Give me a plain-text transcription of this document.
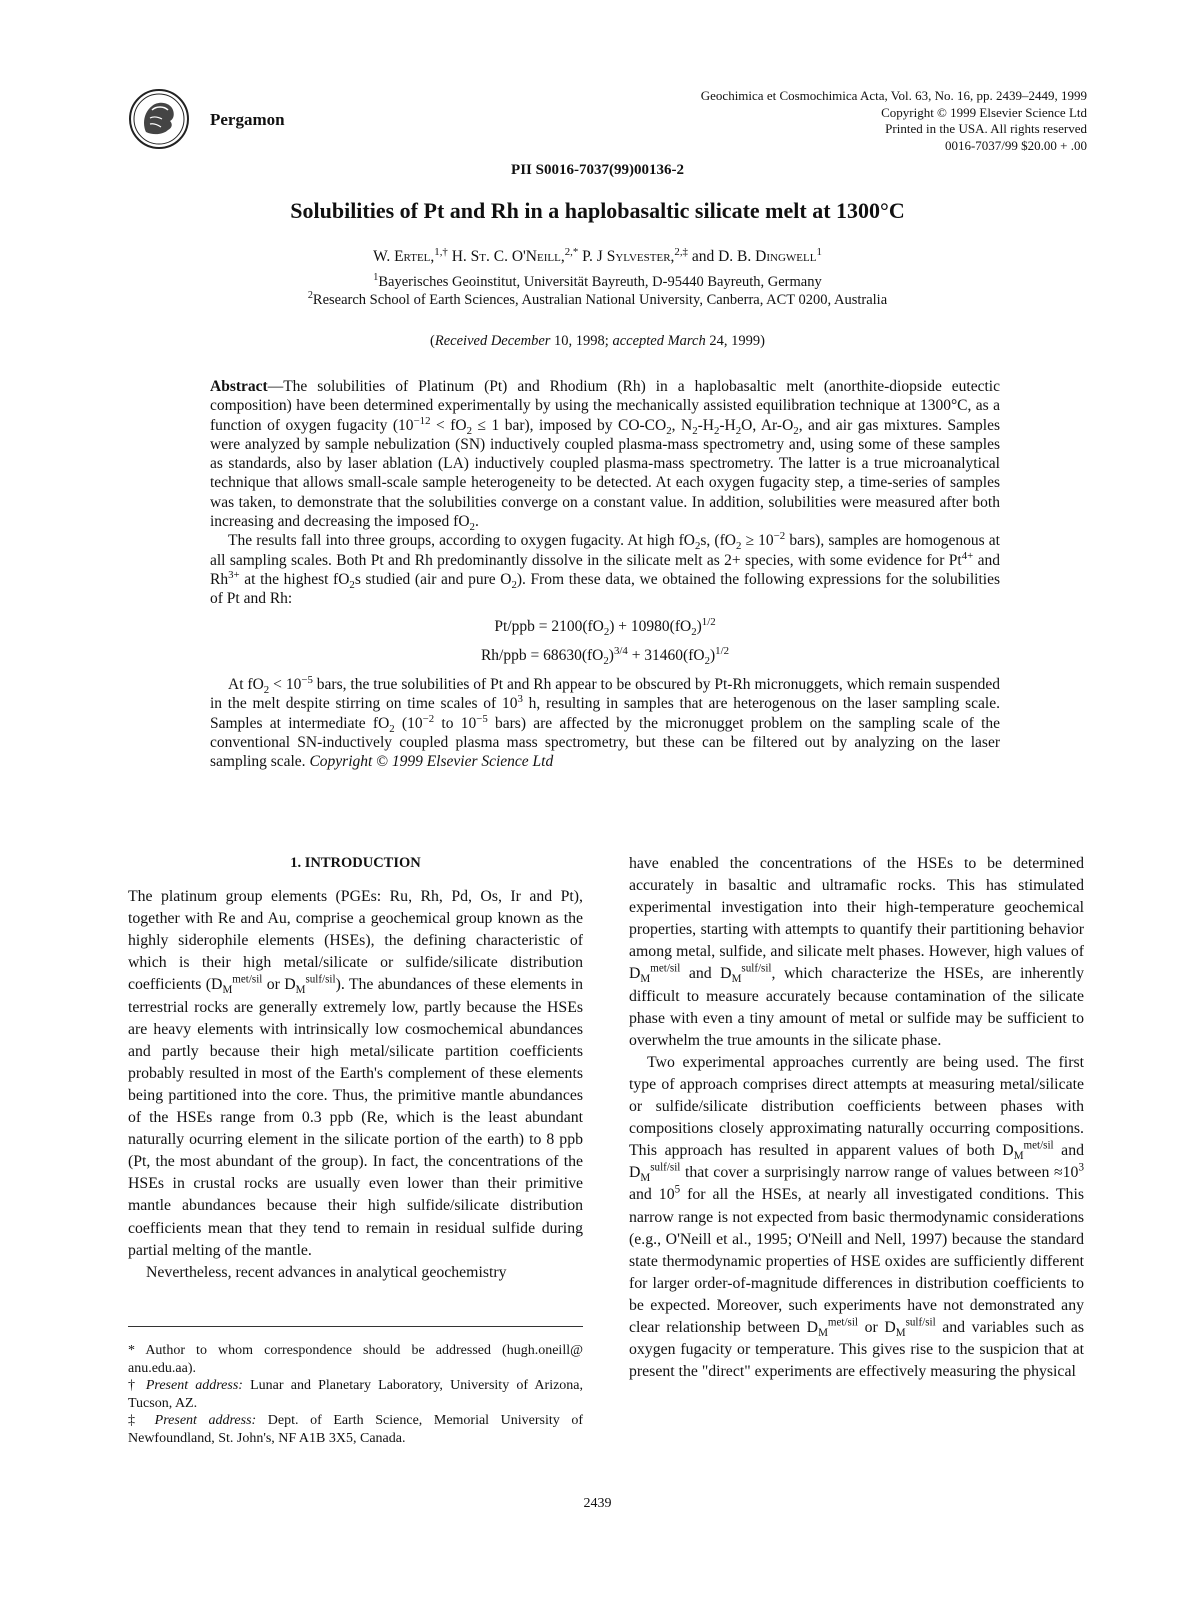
Pergamon
Geochimica et Cosmochimica Acta, Vol. 63, No. 16, pp. 2439–2449, 1999
Copyright © 1999 Elsevier Science Ltd
Printed in the USA. All rights reserved
0016-7037/99 $20.00 + .00
PII S0016-7037(99)00136-2
Solubilities of Pt and Rh in a haplobasaltic silicate melt at 1300°C
W. Ertel,$^{1,\dagger}$ H. St. C. O'Neill,$^{2,*}$ P. J Sylvester,$^{2,\ddagger}$ and D. B. Dingwell$^1$
$^1$Bayerisches Geoinstitut, Universität Bayreuth, D-95440 Bayreuth, Germany
$^2$Research School of Earth Sciences, Australian National University, Canberra, ACT 0200, Australia
(Received December 10, 1998; accepted March 24, 1999)

Abstract—The solubilities of Platinum (Pt) and Rhodium (Rh) in a haplobasaltic melt (anorthite-diopside eutectic composition) have been determined experimentally by using the mechanically assisted equilibration technique at 1300°C, as a function of oxygen fugacity ($10^{-12} < fO_2 \le 1$ bar), imposed by $CO-CO_2$, $N_2-H_2-H_2O$, $Ar-O_2$, and air gas mixtures. Samples were analyzed by sample nebulization (SN) inductively coupled plasma-mass spectrometry and, using some of these samples as standards, also by laser ablation (LA) inductively coupled plasma-mass spectrometry. The latter is a true microanalytical technique that allows small-scale sample heterogeneity to be detected. At each oxygen fugacity step, a time-series of samples was taken, to demonstrate that the solubilities converge on a constant value. In addition, solubilities were measured after both increasing and decreasing the imposed $fO_2$.

The results fall into three groups, according to oxygen fugacity. At high $fO_2s$, ($fO_2 \ge 10^{-2}$ bars), samples are homogenous at all sampling scales. Both Pt and Rh predominantly dissolve in the silicate melt as 2+ species, with some evidence for $Pt^{4+}$ and $Rh^{3+}$ at the highest $fO_2s$ studied (air and pure $O_2$). From these data, we obtained the following expressions for the solubilities of Pt and Rh:

$Pt/ppb = 2100(fO_2) + 10980(fO_2)^{1/2}$
$Rh/ppb = 68630(fO_2)^{3/4} + 31460(fO_2)^{1/2}$

At $fO_2 < 10^{-5}$ bars, the true solubilities of Pt and Rh appear to be obscured by Pt-Rh micronuggets, which remain suspended in the melt despite stirring on time scales of $10^3$ h, resulting in samples that are heterogenous on the laser sampling scale. Samples at intermediate $fO_2$ ($10^{-2}$ to $10^{-5}$ bars) are affected by the micronugget problem on the sampling scale of the conventional SN-inductively coupled plasma mass spectrometry, but these can be filtered out by analyzing on the laser sampling scale. Copyright © 1999 Elsevier Science Ltd

1. INTRODUCTION

The platinum group elements (PGEs: Ru, Rh, Pd, Os, Ir and Pt), together with Re and Au, comprise a geochemical group known as the highly siderophile elements (HSEs), the defining characteristic of which is their high metal/silicate or sulfide/silicate distribution coefficients ($D_M^{met/sil}$ or $D_M^{sulf/sil}$). The abundances of these elements in terrestrial rocks are generally extremely low, partly because the HSEs are heavy elements with intrinsically low cosmochemical abundances and partly because their high metal/silicate partition coefficients probably resulted in most of the Earth's complement of these elements being partitioned into the core. Thus, the primitive mantle abundances of the HSEs range from 0.3 ppb (Re, which is the least abundant naturally ocurring element in the silicate portion of the earth) to 8 ppb (Pt, the most abundant of the group). In fact, the concentrations of the HSEs in crustal rocks are usually even lower than their primitive mantle abundances because their high sulfide/silicate distribution coefficients mean that they tend to remain in residual sulfide during partial melting of the mantle.

Nevertheless, recent advances in analytical geochemistry

* Author to whom correspondence should be addressed (hugh.oneill@ anu.edu.aa).

† Present address: Lunar and Planetary Laboratory, University of Arizona, Tucson, AZ.

‡ Present address: Dept. of Earth Science, Memorial University of Newfoundland, St. John's, NF A1B 3X5, Canada.

have enabled the concentrations of the HSEs to be determined accurately in basaltic and ultramafic rocks. This has stimulated experimental investigation into their high-temperature geochemical properties, starting with attempts to quantify their partitioning behavior among metal, sulfide, and silicate melt phases. However, high values of $D_M^{met/sil}$ and $D_M^{sulf/sil}$, which characterize the HSEs, are inherently difficult to measure accurately because contamination of the silicate phase with even a tiny amount of metal or sulfide may be sufficient to overwhelm the true amounts in the silicate phase.

Two experimental approaches currently are being used. The first type of approach comprises direct attempts at measuring metal/silicate or sulfide/silicate distribution coefficients between phases with compositions closely approximating naturally occurring compositions. This approach has resulted in apparent values of both $D_M^{met/sil}$ and $D_M^{sulf/sil}$ that cover a surprisingly narrow range of values between $\approx 10^3$ and $10^5$ for all the HSEs, at nearly all investigated conditions. This narrow range is not expected from basic thermodynamic considerations (e.g., O'Neill et al., 1995; O'Neill and Nell, 1997) because the standard state thermodynamic properties of HSE oxides are sufficiently different for larger order-of-magnitude differences in distribution coefficients to be expected. Moreover, such experiments have not demonstrated any clear relationship between $D_M^{met/sil}$ or $D_M^{sulf/sil}$ and variables such as oxygen fugacity or temperature. This gives rise to the suspicion that at present the "direct" experiments are effectively measuring the physical

2439
